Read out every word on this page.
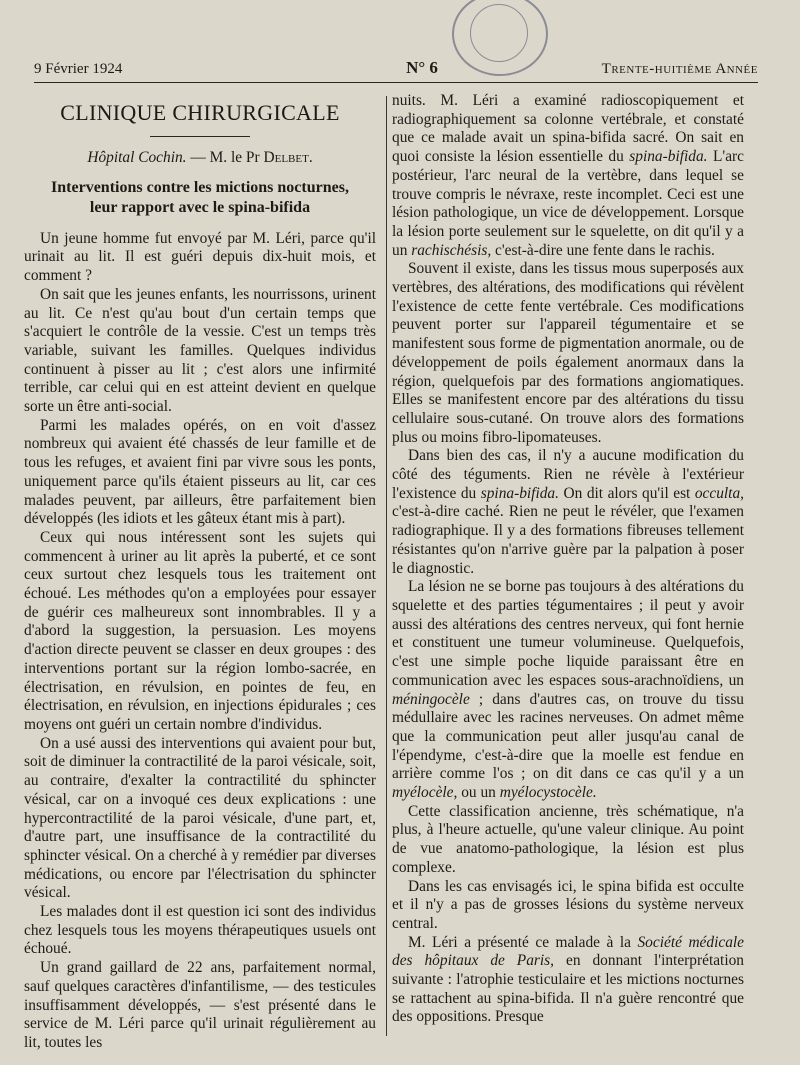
9 Février 1924	N° 6	Trente-huitième Année
CLINIQUE CHIRURGICALE
Hôpital Cochin. — M. le Pr Delbet.
Interventions contre les mictions nocturnes,
leur rapport avec le spina-bifida

Un jeune homme fut envoyé par M. Léri, parce qu'il urinait au lit. Il est guéri depuis dix-huit mois, et comment ?

On sait que les jeunes enfants, les nourrissons, urinent au lit. Ce n'est qu'au bout d'un certain temps que s'acquiert le contrôle de la vessie. C'est un temps très variable, suivant les familles. Quelques individus continuent à pisser au lit ; c'est alors une infirmité terrible, car celui qui en est atteint devient en quelque sorte un être anti-social.

Parmi les malades opérés, on en voit d'assez nombreux qui avaient été chassés de leur famille et de tous les refuges, et avaient fini par vivre sous les ponts, uniquement parce qu'ils étaient pisseurs au lit, car ces malades peuvent, par ailleurs, être parfaitement bien développés (les idiots et les gâteux étant mis à part).

Ceux qui nous intéressent sont les sujets qui commencent à uriner au lit après la puberté, et ce sont ceux surtout chez lesquels tous les traitement ont échoué. Les méthodes qu'on a employées pour essayer de guérir ces malheureux sont innombrables. Il y a d'abord la suggestion, la persuasion. Les moyens d'action directe peuvent se classer en deux groupes : des interventions portant sur la région lombo-sacrée, en électrisation, en révulsion, en pointes de feu, en électrisation, en révulsion, en injections épidurales ; ces moyens ont guéri un certain nombre d'individus.

On a usé aussi des interventions qui avaient pour but, soit de diminuer la contractilité de la paroi vésicale, soit, au contraire, d'exalter la contractilité du sphincter vésical, car on a invoqué ces deux explications : une hypercontractilité de la paroi vésicale, d'une part, et, d'autre part, une insuffisance de la contractilité du sphincter vésical. On a cherché à y remédier par diverses médications, ou encore par l'électrisation du sphincter vésical.

Les malades dont il est question ici sont des individus chez lesquels tous les moyens thérapeutiques usuels ont échoué.

Un grand gaillard de 22 ans, parfaitement normal, sauf quelques caractères d'infantilisme, — des testicules insuffisamment développés, — s'est présenté dans le service de M. Léri parce qu'il urinait régulièrement au lit, toutes les

nuits. M. Léri a examiné radioscopiquement et radiographiquement sa colonne vertébrale, et constaté que ce malade avait un spina-bifida sacré. On sait en quoi consiste la lésion essentielle du spina-bifida. L'arc postérieur, l'arc neural de la vertèbre, dans lequel se trouve compris le névraxe, reste incomplet. Ceci est une lésion pathologique, un vice de développement. Lorsque la lésion porte seulement sur le squelette, on dit qu'il y a un rachischésis, c'est-à-dire une fente dans le rachis.

Souvent il existe, dans les tissus mous superposés aux vertèbres, des altérations, des modifications qui révèlent l'existence de cette fente vertébrale. Ces modifications peuvent porter sur l'appareil tégumentaire et se manifestent sous forme de pigmentation anormale, ou de développement de poils également anormaux dans la région, quelquefois par des formations angiomatiques. Elles se manifestent encore par des altérations du tissu cellulaire sous-cutané. On trouve alors des formations plus ou moins fibro-lipomateuses.

Dans bien des cas, il n'y a aucune modification du côté des téguments. Rien ne révèle à l'extérieur l'existence du spina-bifida. On dit alors qu'il est occulta, c'est-à-dire caché. Rien ne peut le révéler, que l'examen radiographique. Il y a des formations fibreuses tellement résistantes qu'on n'arrive guère par la palpation à poser le diagnostic.

La lésion ne se borne pas toujours à des altérations du squelette et des parties tégumentaires ; il peut y avoir aussi des altérations des centres nerveux, qui font hernie et constituent une tumeur volumineuse. Quelquefois, c'est une simple poche liquide paraissant être en communication avec les espaces sous-arachnoïdiens, un méningocèle ; dans d'autres cas, on trouve du tissu médullaire avec les racines nerveuses. On admet même que la communication peut aller jusqu'au canal de l'épendyme, c'est-à-dire que la moelle est fendue en arrière comme l'os ; on dit dans ce cas qu'il y a un myélocèle, ou un myélocystocèle.

Cette classification ancienne, très schématique, n'a plus, à l'heure actuelle, qu'une valeur clinique. Au point de vue anatomo-pathologique, la lésion est plus complexe.

Dans les cas envisagés ici, le spina bifida est occulte et il n'y a pas de grosses lésions du système nerveux central.

M. Léri a présenté ce malade à la Société médicale des hôpitaux de Paris, en donnant l'interprétation suivante : l'atrophie testiculaire et les mictions nocturnes se rattachent au spina-bifida. Il n'a guère rencontré que des oppositions. Presque
